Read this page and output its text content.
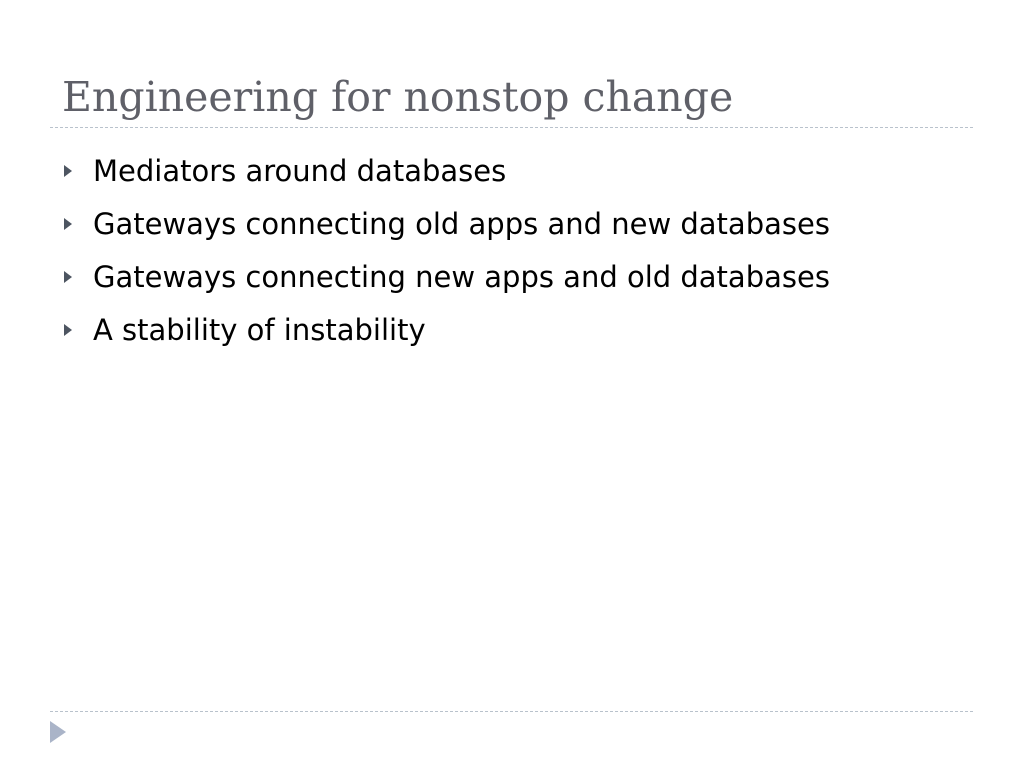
Engineering for nonstop change
Mediators around databases
Gateways connecting old apps and new databases
Gateways connecting new apps and old databases
A stability of instability
